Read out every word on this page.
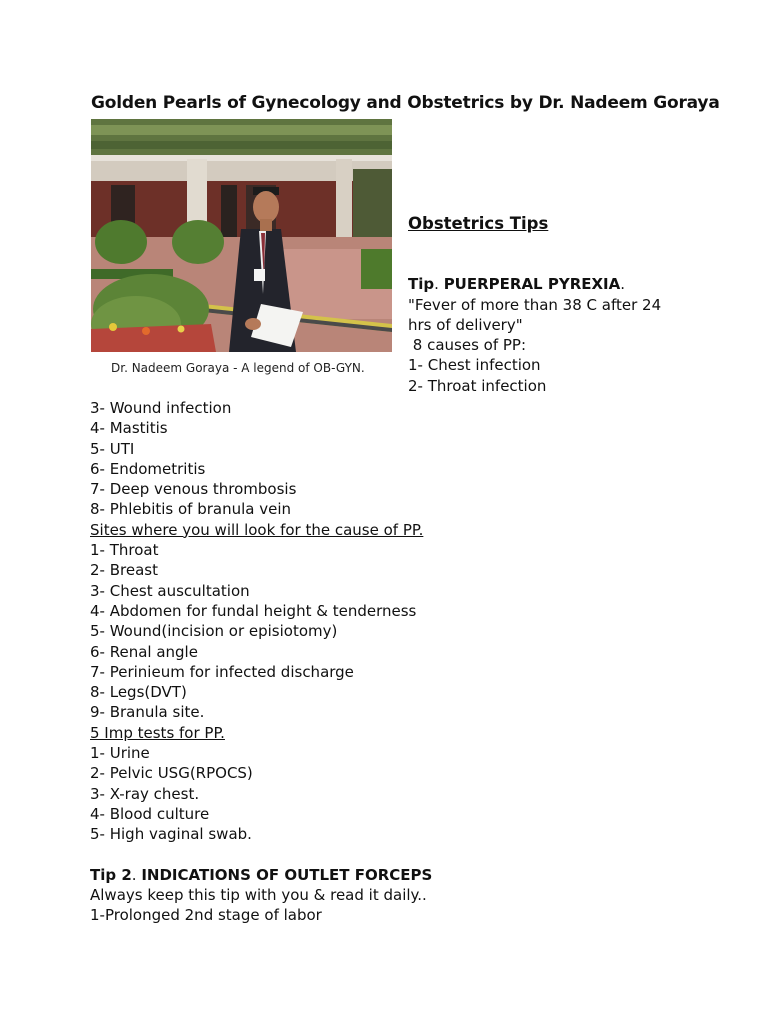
Golden Pearls of Gynecology and Obstetrics by Dr. Nadeem Goraya
Dr. Nadeem Goraya - A legend of OB-GYN.
Obstetrics Tips
Tip. PUERPERAL PYREXIA.
"Fever of more than 38 C after 24
hrs of delivery"
8 causes of PP:
1- Chest infection
2- Throat infection
3- Wound infection
4- Mastitis
5- UTI
6- Endometritis
7- Deep venous thrombosis
8- Phlebitis of branula vein
Sites where you will look for the cause of PP.
1- Throat
2- Breast
3- Chest auscultation
4- Abdomen for fundal height & tenderness
5- Wound(incision or episiotomy)
6- Renal angle
7- Perinieum for infected discharge
8- Legs(DVT)
9- Branula site.
5 Imp tests for PP.
1- Urine
2- Pelvic USG(RPOCS)
3- X-ray chest.
4- Blood culture
5- High vaginal swab.
Tip 2. INDICATIONS OF OUTLET FORCEPS
Always keep this tip with you & read it daily..
1-Prolonged 2nd stage of labor
